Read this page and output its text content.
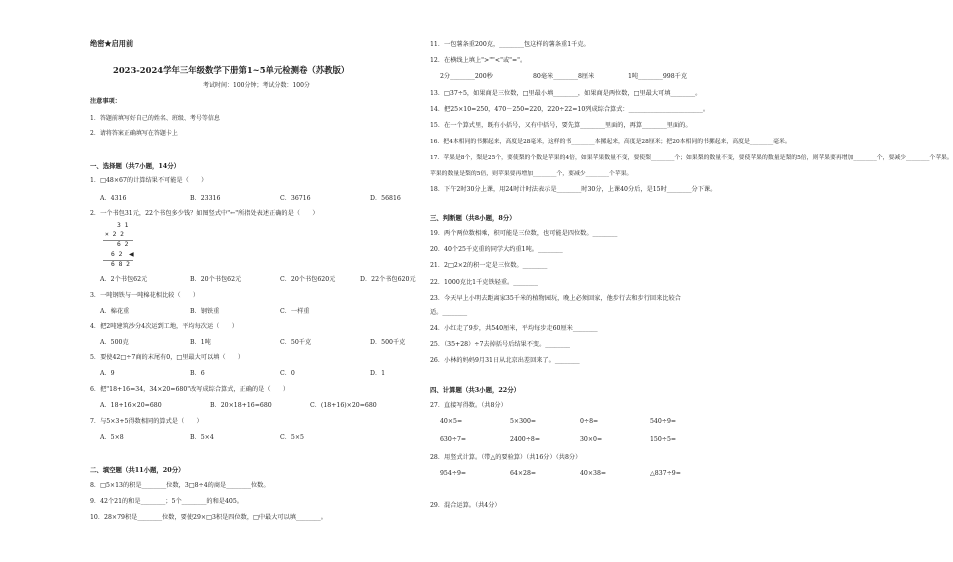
绝密★启用前
2023-2024学年三年级数学下册第1~5单元检测卷（苏教版）
考试时间：100分钟；考试分数：100分
注意事项：
1．答题前填写好自己的姓名、班级、考号等信息
2．请将答案正确填写在答题卡上
一、选择题（共7小题，14分）
1．□48×67的计算结果不可能是（　　）
A．4316	B．23316	C．36716	D．56816
2．一个书包31元，22个书包多少钱？如图竖式中"←"所指处表述正确的是（　　）
3 1
× 2 2
6 2
6 2 ◀
6 8 2
A．2个书包62元	B．20个书包62元	C．20个书包620元	D．22个书包620元
3．一吨钢铁与一吨棉花相比较（　　）
A．棉花重	B．钢铁重	C．一样重
4．把2吨建筑沙分4次运到工地，平均每次运（　　）
A．500克	B．1吨	C．50千克	D．500千克
5．要使42□÷7商的末尾有0，□里最大可以填（　　）
A．9	B．6	C．0	D．1
6．把"18+16=34，34×20=680"改写成综合算式，正确的是（　　）
A．18+16×20=680	B．20×18+16=680	C．(18+16)×20=680
7．与5×3+5得数相同的算式是（　　）
A．5×8	B．5×4	C．5×5
二、填空题（共11小题，20分）
8．□5×13的积是________位数，3□8÷4的商是________位数。
9．42个21的和是________；5个________的和是405。
10．28×79积是________位数，要使29×□3积是四位数，□中最大可以填________。
11．一包薯条重200克，________包这样的薯条重1千克。
12．在横线上填上">""<"或"="。
2分________200秒	80毫米________8厘米	1吨________998千克
13．□37÷5，如果商是三位数，□里最小填________，如果商是两位数，□里最大可填________。
14．把25×10=250，470－250=220，220÷22=10列成综合算式：________________________。
15．在一个算式里，既有小括号，又有中括号，要先算________里面的，再算________里面的。
16．把4本相同的书摞起来，高度是28毫米，这样的书________本摞起来，高度是28厘米；把20本相同的书摞起来，高度是________毫米。
17．苹果是8个，梨是25个，要使梨的个数是苹果的4倍，如果苹果数量不变，要使梨________个；如果梨的数量不变，要使苹果的数量是梨的5倍，则苹果要再增加________个，要减少________个苹果。
苹果的数量是梨的5倍，则苹果要再增加________个，要减少________个苹果。
18．下午2时30分上课，用24时计时法表示是________时30分，上课40分后，是15时________分下课。
三、判断题（共8小题，8分）
19．两个两位数相乘，积可能是三位数，也可能是四位数。________
20．40个25千克重的同学大约重1吨。________
21．2□2×2的积一定是三位数。________
22．1000克比1千克铁轻重。________
23．今天早上小明去距离家35千米的植物园玩，晚上必须回家，他步行去和步行回来比较合
适。________
24．小红走了9步，共540厘米，平均每步走60厘米________
25．（35+28）÷7去掉括号后结果不变。________
26．小林的妈妈9月31日从北京出差回来了。________
四、计算题（共3小题，22分）
27．直接写得数。（共8分）
40×5=	5×300=	0÷8=	540÷9=
630÷7=	2400÷8=	30×0=	150÷5=
28．用竖式计算。（带△的要验算）（共16分）（共8分）
954÷9=	64×28=	40×38=	△837÷9=
29．混合运算。（共4分）
